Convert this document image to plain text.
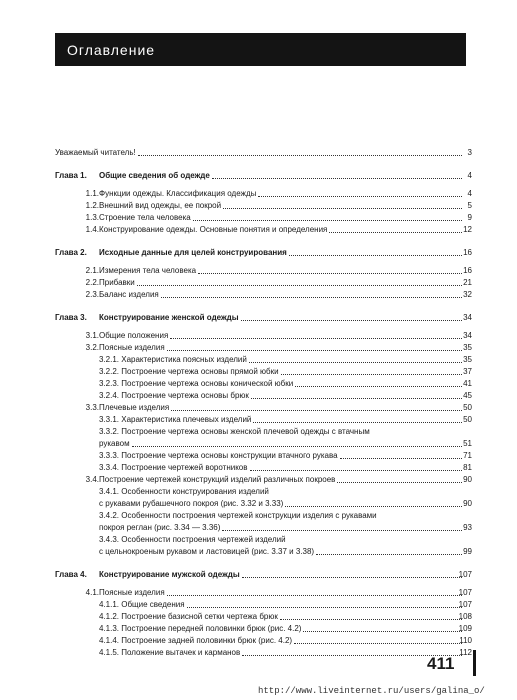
Оглавление
Уважаемый читатель!	3
Глава 1.	Общие сведения об одежде	4
1.1. Функции одежды. Классификация одежды	4
1.2. Внешний вид одежды, ее покрой	5
1.3. Строение тела человека	9
1.4. Конструирование одежды. Основные понятия и определения	12
Глава 2.	Исходные данные для целей конструирования	16
2.1. Измерения тела человека	16
2.2. Прибавки	21
2.3. Баланс изделия	32
Глава 3.	Конструирование женской одежды	34
3.1. Общие положения	34
3.2. Поясные изделия	35
3.2.1. Характеристика поясных изделий	35
3.2.2. Построение чертежа основы прямой юбки	37
3.2.3. Построение чертежа основы конической юбки	41
3.2.4. Построение чертежа основы брюк	45
3.3. Плечевые изделия	50
3.3.1. Характеристика плечевых изделий	50
3.3.2. Построение чертежа основы женской плечевой одежды с втачным
рукавом	51
3.3.3. Построение чертежа основы конструкции втачного рукава	71
3.3.4. Построение чертежей воротников	81
3.4. Построение чертежей конструкций изделий различных покроев	90
3.4.1. Особенности конструирования изделий
с рукавами рубашечного покроя (рис. 3.32 и 3.33)	90
3.4.2. Особенности построения чертежей конструкции изделия с рукавами
покроя реглан (рис. 3.34 — 3.36)	93
3.4.3. Особенности построения чертежей изделий
с цельнокроеным рукавом и ластовицей (рис. 3.37 и 3.38)	99
Глава 4.	Конструирование мужской одежды	107
4.1. Поясные изделия	107
4.1.1. Общие сведения	107
4.1.2. Построение базисной сетки чертежа брюк	108
4.1.3. Построение передней половинки брюк (рис. 4.2)	109
4.1.4. Построение задней половинки брюк (рис. 4.2)	110
4.1.5. Положение вытачек и карманов	112
411
http://www.liveinternet.ru/users/galina_o/
